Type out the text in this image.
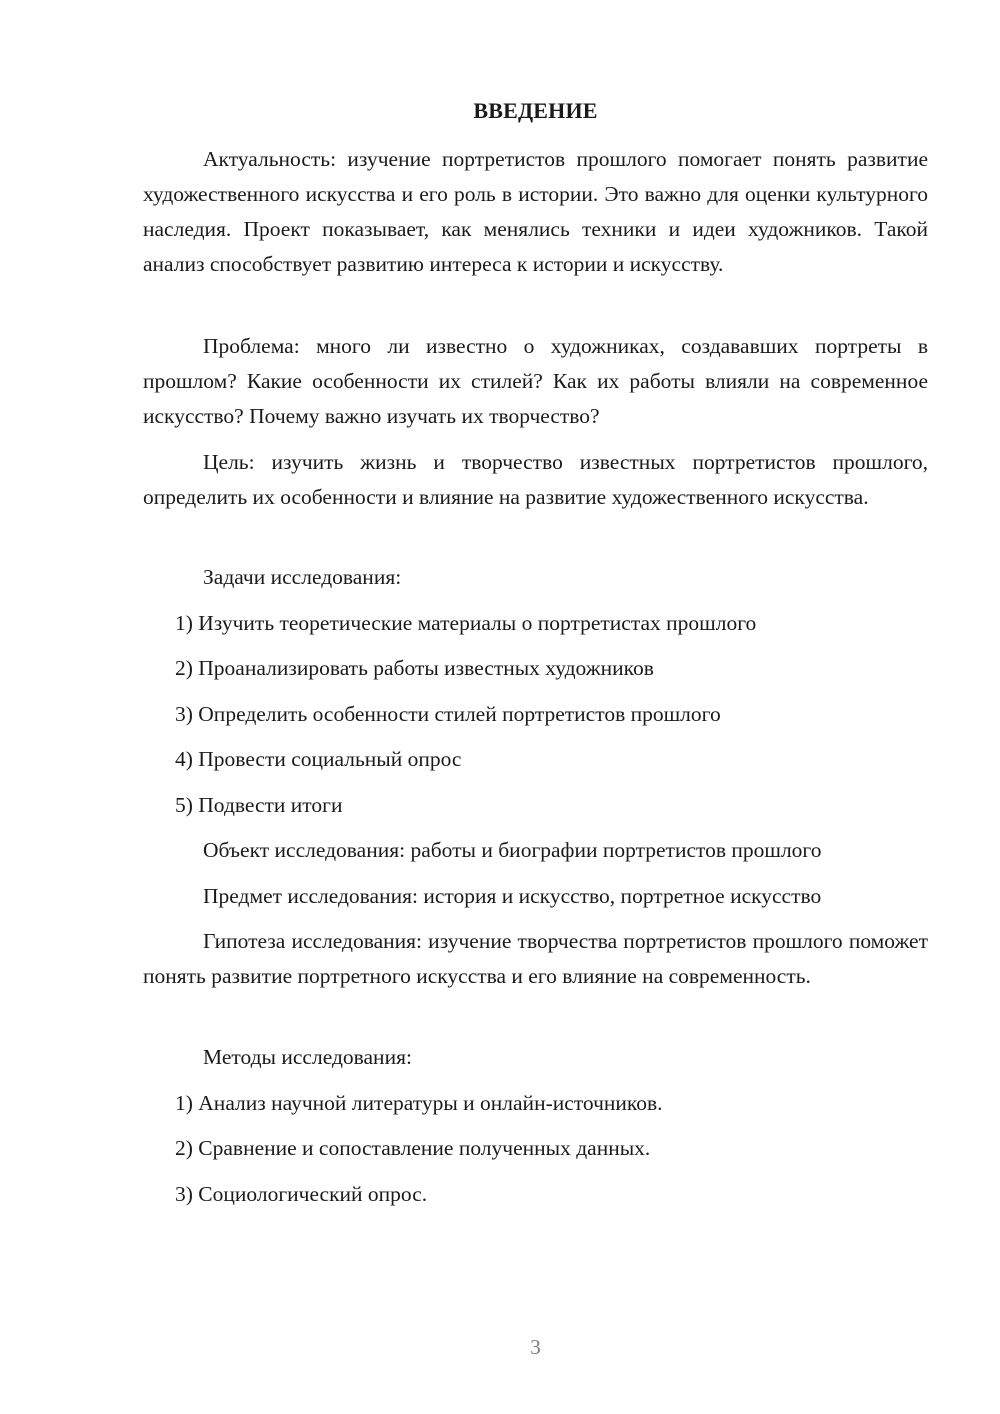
ВВЕДЕНИЕ

Актуальность: изучение портретистов прошлого помогает понять развитие художественного искусства и его роль в истории. Это важно для оценки культурного наследия. Проект показывает, как менялись техники и идеи художников. Такой анализ способствует развитию интереса к истории и искусству.

Проблема: много ли известно о художниках, создававших портреты в прошлом? Какие особенности их стилей? Как их работы влияли на современное искусство? Почему важно изучать их творчество?

Цель: изучить жизнь и творчество известных портретистов прошлого, определить их особенности и влияние на развитие художественного искусства.

Задачи исследования:

1) Изучить теоретические материалы о портретистах прошлого

2) Проанализировать работы известных художников

3) Определить особенности стилей портретистов прошлого

4) Провести социальный опрос

5) Подвести итоги

Объект исследования: работы и биографии портретистов прошлого

Предмет исследования: история и искусство, портретное искусство

Гипотеза исследования: изучение творчества портретистов прошлого поможет понять развитие портретного искусства и его влияние на современность.

Методы исследования:

1) Анализ научной литературы и онлайн-источников.

2) Сравнение и сопоставление полученных данных.

3) Социологический опрос.

3
